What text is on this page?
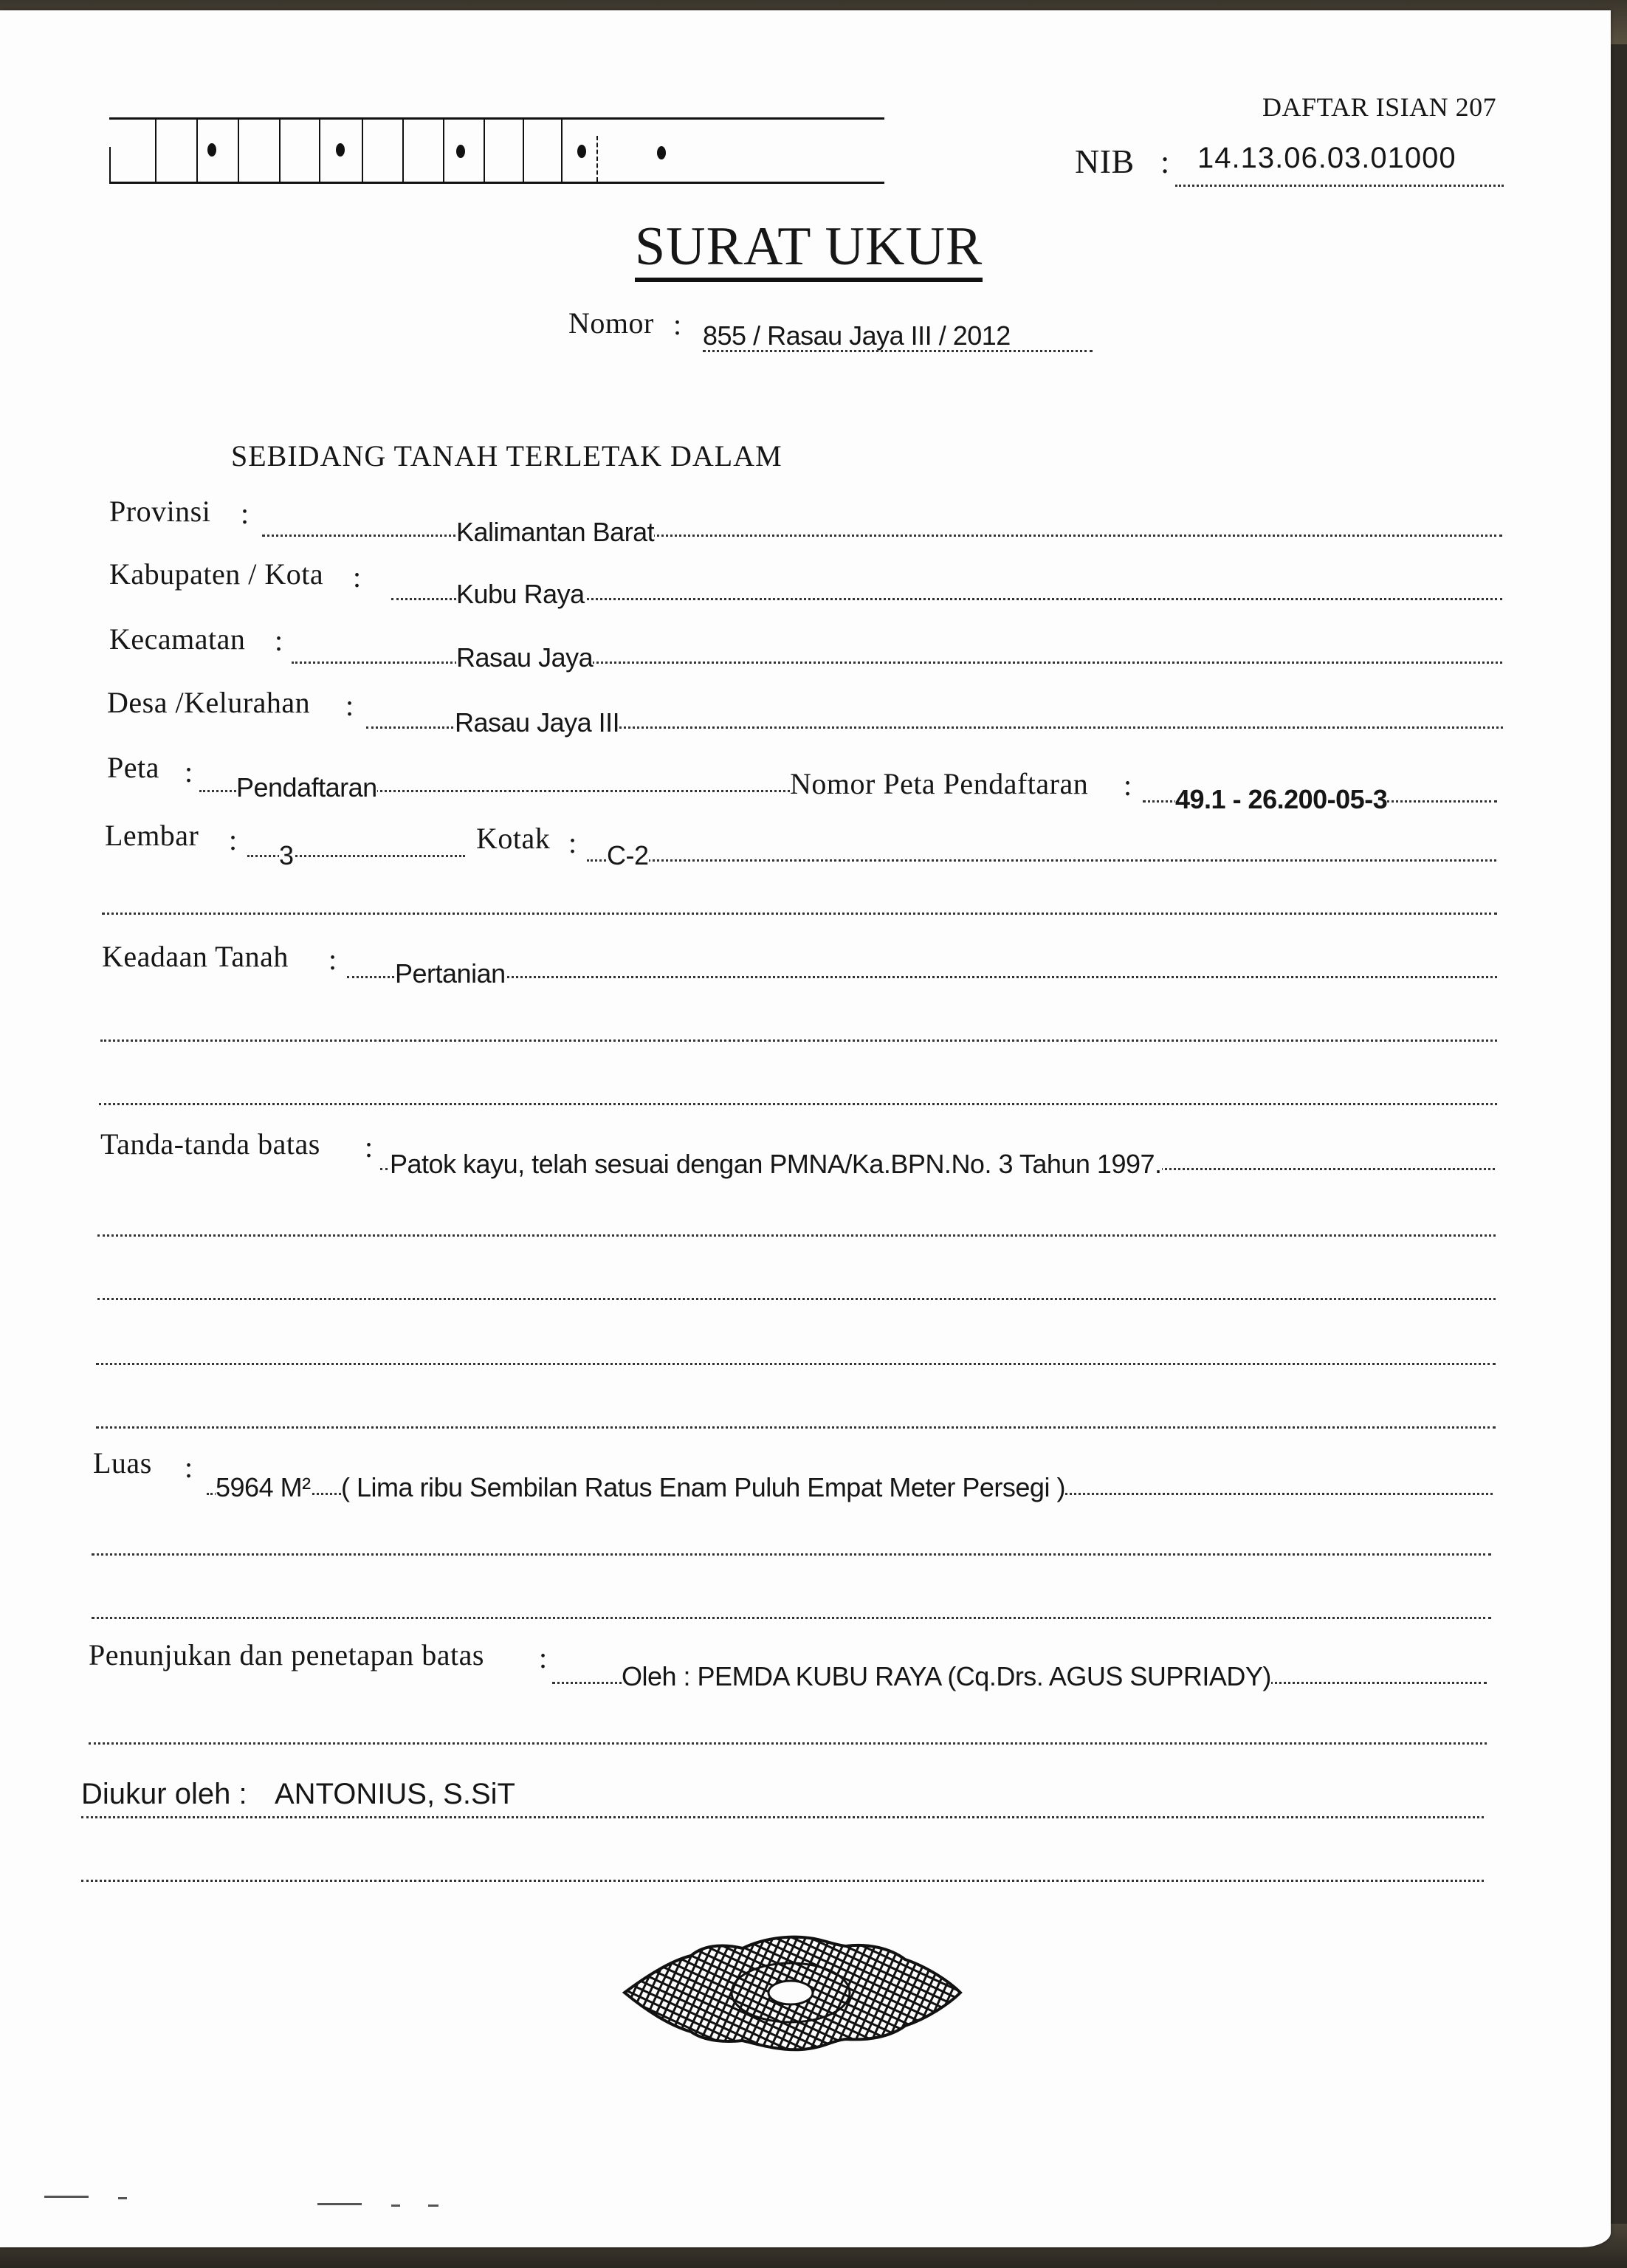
DAFTAR ISIAN 207
NIB : 14.13.06.03.01000
SURAT UKUR
Nomor : 855 / Rasau Jaya III / 2012
SEBIDANG TANAH TERLETAK DALAM
Provinsi :
Kalimantan Barat
Kabupaten / Kota :
Kubu Raya
Kecamatan :
Rasau Jaya
Desa /Kelurahan :
Rasau Jaya III
Peta : Pendaftaran	Nomor Peta Pendaftaran : 49.1 - 26.200-05-3
Lembar : 3
Kotak : C-2
Keadaan Tanah : Pertanian
Tanda-tanda batas :
Patok kayu, telah sesuai dengan PMNA/Ka.BPN.No. 3 Tahun 1997.
Luas :
5964 M² ( Lima ribu Sembilan Ratus Enam Puluh Empat Meter Persegi )
Penunjukan dan penetapan batas :
Oleh : PEMDA KUBU RAYA (Cq.Drs. AGUS SUPRIADY)
Diukur oleh : ANTONIUS, S.SiT
